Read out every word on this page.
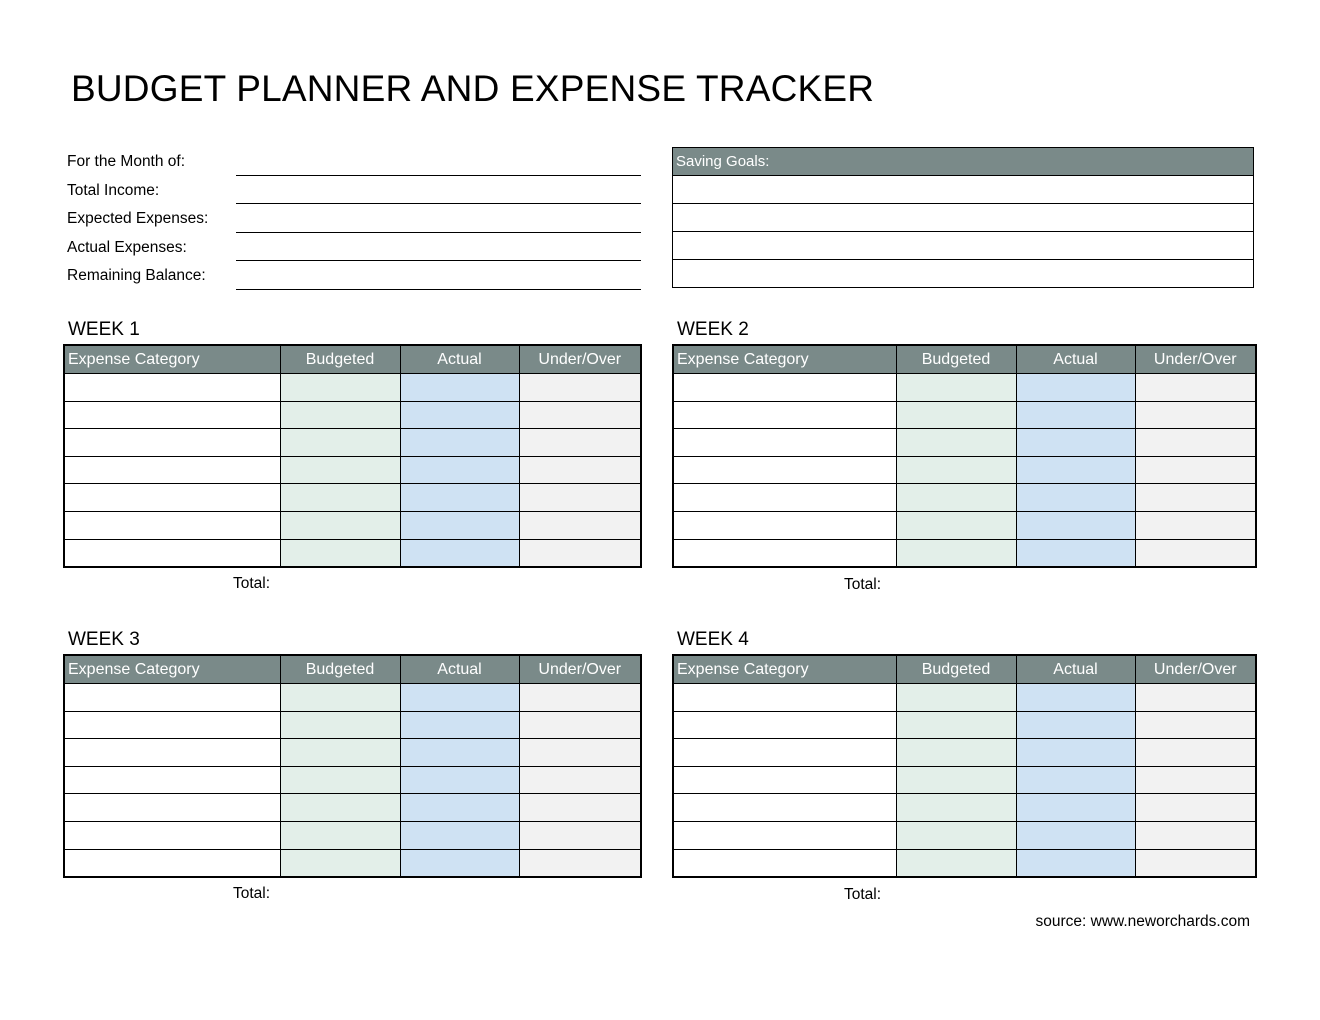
BUDGET PLANNER AND EXPENSE TRACKER
For the Month of:
Total Income:
Expected Expenses:
Actual Expenses:
Remaining Balance:
Saving Goals:
WEEK 1
Expense Category	Budgeted	Actual	Under/Over

Total:
WEEK 2
Expense Category	Budgeted	Actual	Under/Over

Total:
WEEK 3
Expense Category	Budgeted	Actual	Under/Over

Total:
WEEK 4
Expense Category	Budgeted	Actual	Under/Over

Total:
source: www.neworchards.com
